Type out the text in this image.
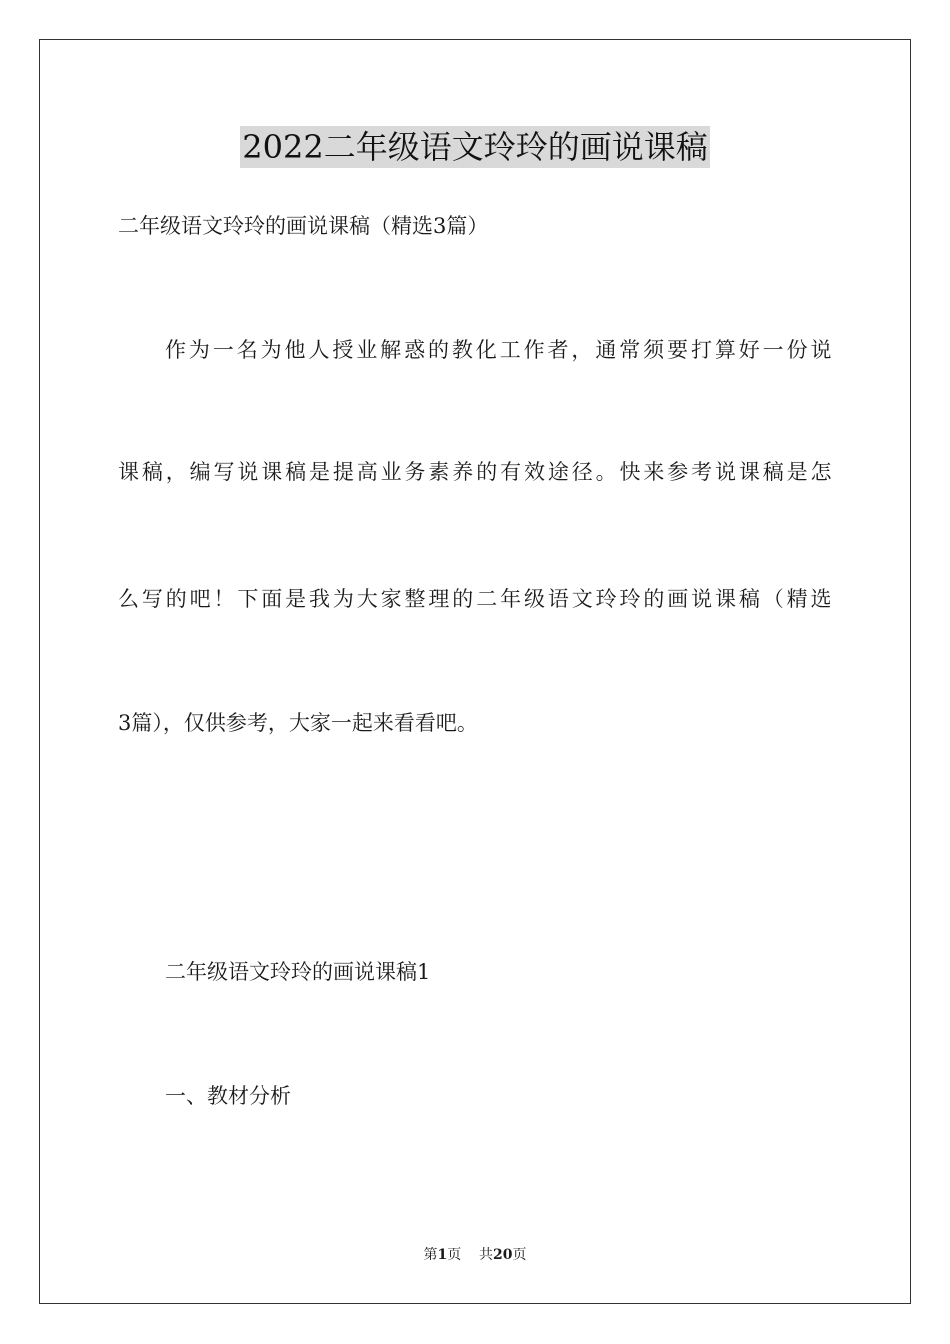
2022二年级语文玲玲的画说课稿
二年级语文玲玲的画说课稿（精选3篇）
作为一名为他人授业解惑的教化工作者，通常须要打算好一份说
课稿，编写说课稿是提高业务素养的有效途径。快来参考说课稿是怎
么写的吧！下面是我为大家整理的二年级语文玲玲的画说课稿（精选
3篇），仅供参考，大家一起来看看吧。
二年级语文玲玲的画说课稿1
一、教材分析
第1页 共20页
